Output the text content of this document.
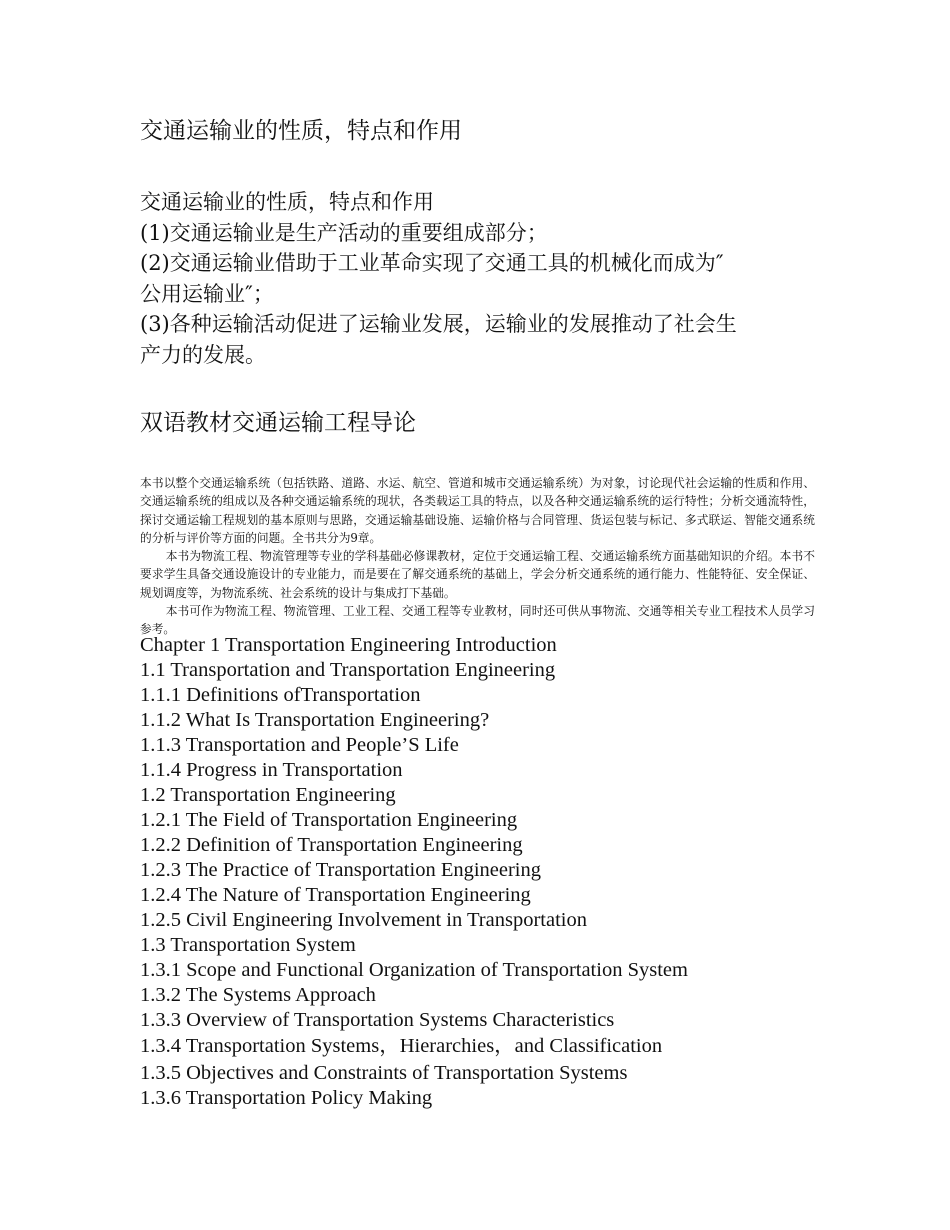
交通运输业的性质，特点和作用
交通运输业的性质，特点和作用
(1)交通运输业是生产活动的重要组成部分；
(2)交通运输业借助于工业革命实现了交通工具的机械化而成为″
公用运输业″；
(3)各种运输活动促进了运输业发展，运输业的发展推动了社会生
产力的发展。
双语教材交通运输工程导论

本书以整个交通运输系统（包括铁路、道路、水运、航空、管道和城市交通运输系统）为对象，讨论现代社会运输的性质和作用、交通运输系统的组成以及各种交通运输系统的现状，各类载运工具的特点，以及各种交通运输系统的运行特性；分析交通流特性，探讨交通运输工程规划的基本原则与思路，交通运输基础设施、运输价格与合同管理、货运包装与标记、多式联运、智能交通系统的分析与评价等方面的问题。全书共分为9章。

本书为物流工程、物流管理等专业的学科基础必修课教材，定位于交通运输工程、交通运输系统方面基础知识的介绍。本书不要求学生具备交通设施设计的专业能力，而是要在了解交通系统的基础上，学会分析交通系统的通行能力、性能特征、安全保证、规划调度等，为物流系统、社会系统的设计与集成打下基础。

本书可作为物流工程、物流管理、工业工程、交通工程等专业教材，同时还可供从事物流、交通等相关专业工程技术人员学习参考。

Chapter 1 Transportation Engineering Introduction
1.1 Transportation and Transportation Engineering
1.1.1 Definitions ofTransportation
1.1.2 What Is Transportation Engineering?
1.1.3 Transportation and People’S Life
1.1.4 Progress in Transportation
1.2 Transportation Engineering
1.2.1 The Field of Transportation Engineering
1.2.2 Definition of Transportation Engineering
1.2.3 The Practice of Transportation Engineering
1.2.4 The Nature of Transportation Engineering
1.2.5 Civil Engineering Involvement in Transportation
1.3 Transportation System
1.3.1 Scope and Functional Organization of Transportation System
1.3.2 The Systems Approach
1.3.3 Overview of Transportation Systems Characteristics
1.3.4 Transportation Systems，Hierarchies，and Classification
1.3.5 Objectives and Constraints of Transportation Systems
1.3.6 Transportation Policy Making
